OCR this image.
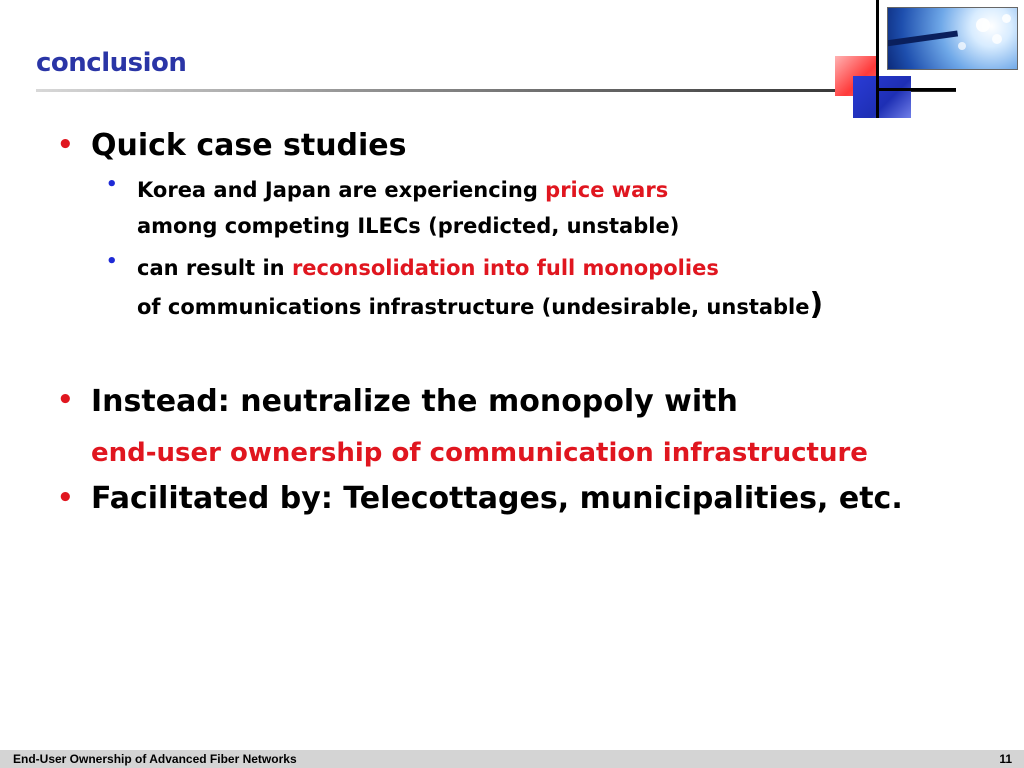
conclusion
• Quick case studies
• Korea and Japan are experiencing price wars
among competing ILECs (predicted, unstable)
• can result in reconsolidation into full monopolies
of communications infrastructure (undesirable, unstable)
• Instead: neutralize the monopoly with
end-user ownership of communication infrastructure
• Facilitated by: Telecottages, municipalities, etc.
End-User Ownership of Advanced Fiber Networks	11
